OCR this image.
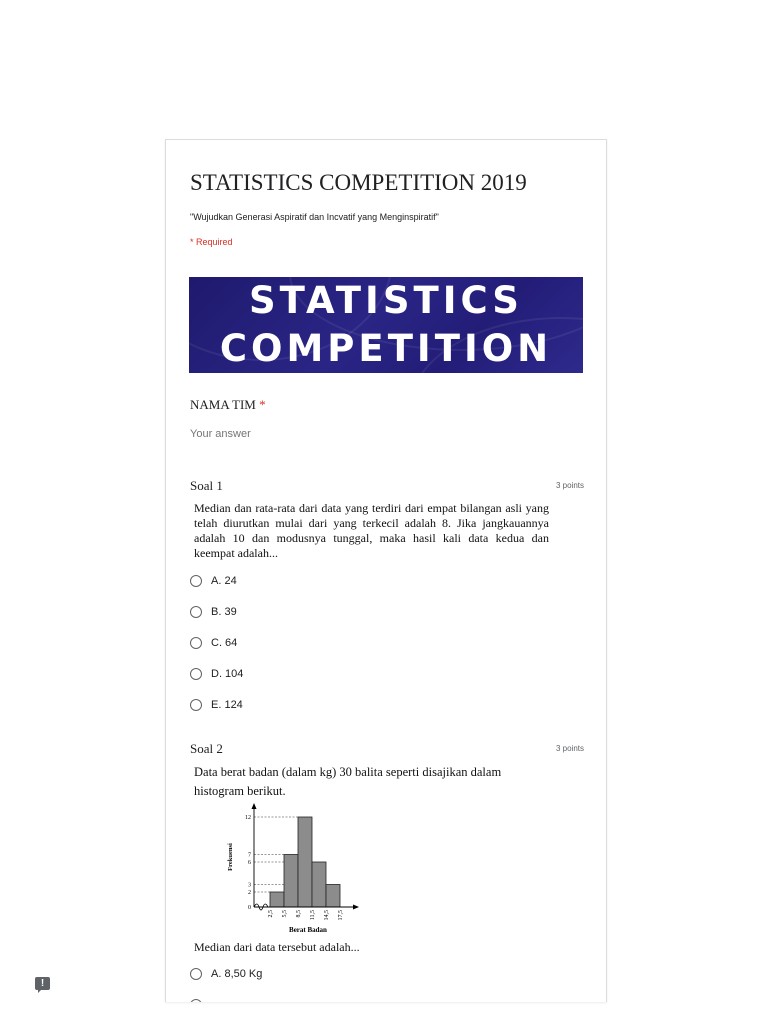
STATISTICS COMPETITION 2019
"Wujudkan Generasi Aspiratif dan Incvatif yang Menginspiratif"
* Required
STATISTICS
COMPETITION
NAMA TIM *
Your answer
Soal 1	3 points

Median dan rata-rata dari data yang terdiri dari empat bilangan asli yang telah diurutkan mulai dari yang terkecil adalah 8. Jika jangkauannya adalah 10 dan modusnya tunggal, maka hasil kali data kedua dan keempat adalah...

A. 24
B. 39
C. 64
D. 104
E. 124
Soal 2	3 points

Data berat badan (dalam kg) 30 balita seperti disajikan dalam histogram berikut.

0
2
3
6
7
12
2,5 5,5 8,5 11,5 14,5 17,5
Frekuensi
Berat Badan

Median dari data tersebut adalah...

A. 8,50 Kg
!
